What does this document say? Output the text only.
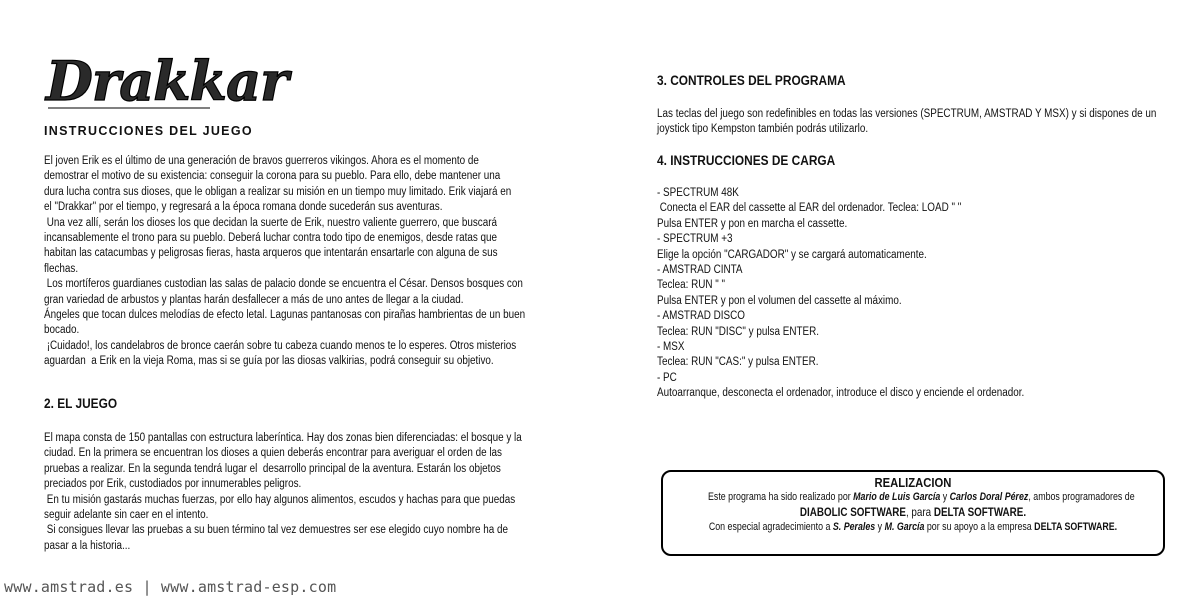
Drakkar
INSTRUCCIONES DEL JUEGO
El joven Erik es el último de una generación de bravos guerreros vikingos. Ahora es el momento de
demostrar el motivo de su existencia: conseguir la corona para su pueblo. Para ello, debe mantener una
dura lucha contra sus dioses, que le obligan a realizar su misión en un tiempo muy limitado. Erik viajará en
el "Drakkar" por el tiempo, y regresará a la época romana donde sucederán sus aventuras.
Una vez allí, serán los dioses los que decidan la suerte de Erik, nuestro valiente guerrero, que buscará
incansablemente el trono para su pueblo. Deberá luchar contra todo tipo de enemigos, desde ratas que
habitan las catacumbas y peligrosas fieras, hasta arqueros que intentarán ensartarle con alguna de sus
flechas.
Los mortíferos guardianes custodian las salas de palacio donde se encuentra el César. Densos bosques con
gran variedad de arbustos y plantas harán desfallecer a más de uno antes de llegar a la ciudad.
Ángeles que tocan dulces melodías de efecto letal. Lagunas pantanosas con pirañas hambrientas de un buen
bocado.
¡Cuidado!, los candelabros de bronce caerán sobre tu cabeza cuando menos te lo esperes. Otros misterios
aguardan  a Erik en la vieja Roma, mas si se guía por las diosas valkirias, podrá conseguir su objetivo.
2. EL JUEGO
El mapa consta de 150 pantallas con estructura laberíntica. Hay dos zonas bien diferenciadas: el bosque y la
ciudad. En la primera se encuentran los dioses a quien deberás encontrar para averiguar el orden de las
pruebas a realizar. En la segunda tendrá lugar el  desarrollo principal de la aventura. Estarán los objetos
preciados por Erik, custodiados por innumerables peligros.
En tu misión gastarás muchas fuerzas, por ello hay algunos alimentos, escudos y hachas para que puedas
seguir adelante sin caer en el intento.
Si consigues llevar las pruebas a su buen término tal vez demuestres ser ese elegido cuyo nombre ha de
pasar a la historia...
3. CONTROLES DEL PROGRAMA
Las teclas del juego son redefinibles en todas las versiones (SPECTRUM, AMSTRAD Y MSX) y si dispones de un
joystick tipo Kempston también podrás utilizarlo.
4. INSTRUCCIONES DE CARGA
- SPECTRUM 48K
Conecta el EAR del cassette al EAR del ordenador. Teclea: LOAD " "
Pulsa ENTER y pon en marcha el cassette.
- SPECTRUM +3
Elige la opción "CARGADOR" y se cargará automaticamente.
- AMSTRAD CINTA
Teclea: RUN " "
Pulsa ENTER y pon el volumen del cassette al máximo.
- AMSTRAD DISCO
Teclea: RUN "DISC" y pulsa ENTER.
- MSX
Teclea: RUN "CAS:" y pulsa ENTER.
- PC
Autoarranque, desconecta el ordenador, introduce el disco y enciende el ordenador.
REALIZACION
Este programa ha sido realizado por Mario de Luis García y Carlos Doral Pérez, ambos programadores de
DIABOLIC SOFTWARE, para DELTA SOFTWARE.
Con especial agradecimiento a S. Perales y M. García por su apoyo a la empresa DELTA SOFTWARE.
www.amstrad.es | www.amstrad-esp.com
